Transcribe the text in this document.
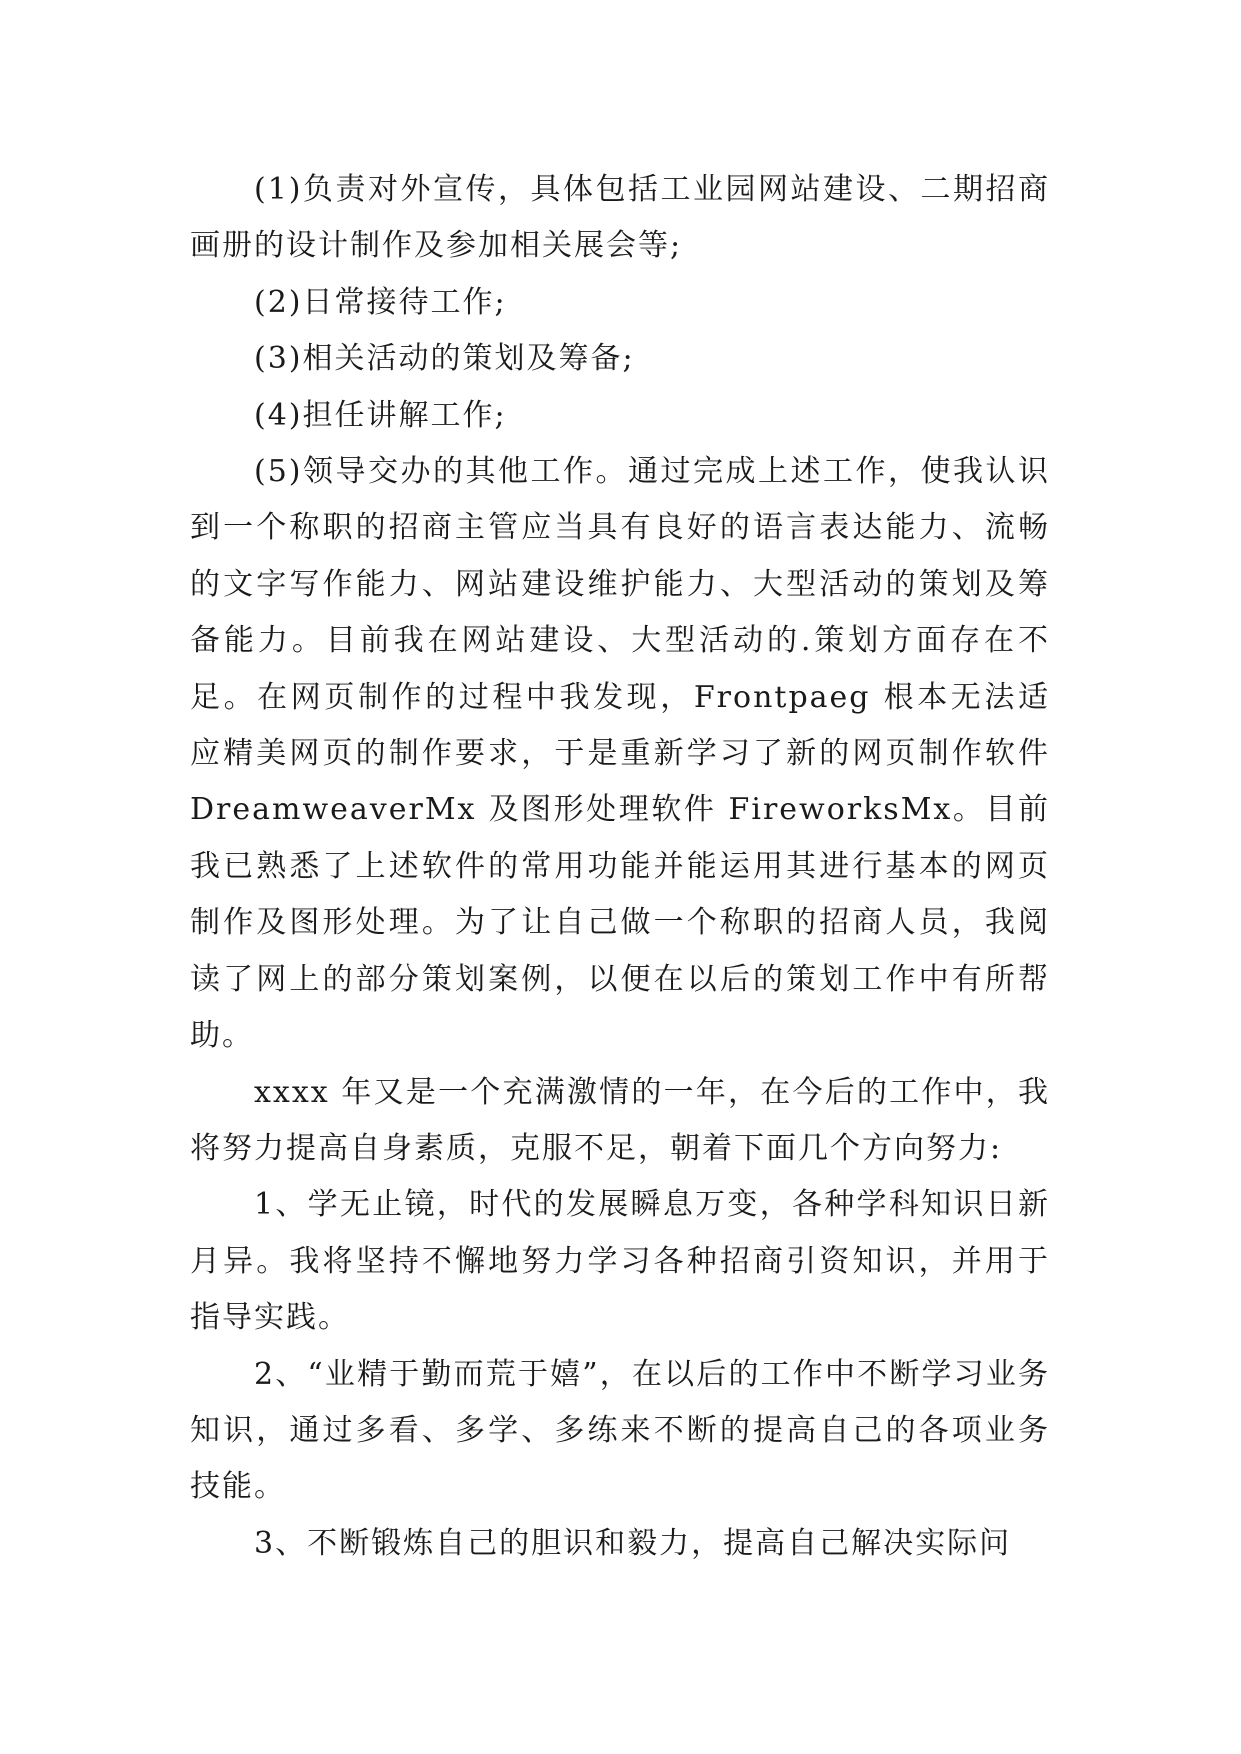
(1)负责对外宣传，具体包括工业园网站建设、二期招商画册的设计制作及参加相关展会等;

(2)日常接待工作;

(3)相关活动的策划及筹备;

(4)担任讲解工作;

(5)领导交办的其他工作。通过完成上述工作，使我认识到一个称职的招商主管应当具有良好的语言表达能力、流畅的文字写作能力、网站建设维护能力、大型活动的策划及筹备能力。目前我在网站建设、大型活动的.策划方面存在不足。在网页制作的过程中我发现，Frontpaeg 根本无法适应精美网页的制作要求，于是重新学习了新的网页制作软件 DreamweaverMx 及图形处理软件 FireworksMx。目前我已熟悉了上述软件的常用功能并能运用其进行基本的网页制作及图形处理。为了让自己做一个称职的招商人员，我阅读了网上的部分策划案例，以便在以后的策划工作中有所帮助。

xxxx 年又是一个充满激情的一年，在今后的工作中，我将努力提高自身素质，克服不足，朝着下面几个方向努力:

1、学无止镜，时代的发展瞬息万变，各种学科知识日新月异。我将坚持不懈地努力学习各种招商引资知识，并用于指导实践。

2、“业精于勤而荒于嬉”，在以后的工作中不断学习业务知识，通过多看、多学、多练来不断的提高自己的各项业务技能。

3、不断锻炼自己的胆识和毅力，提高自己解决实际问
